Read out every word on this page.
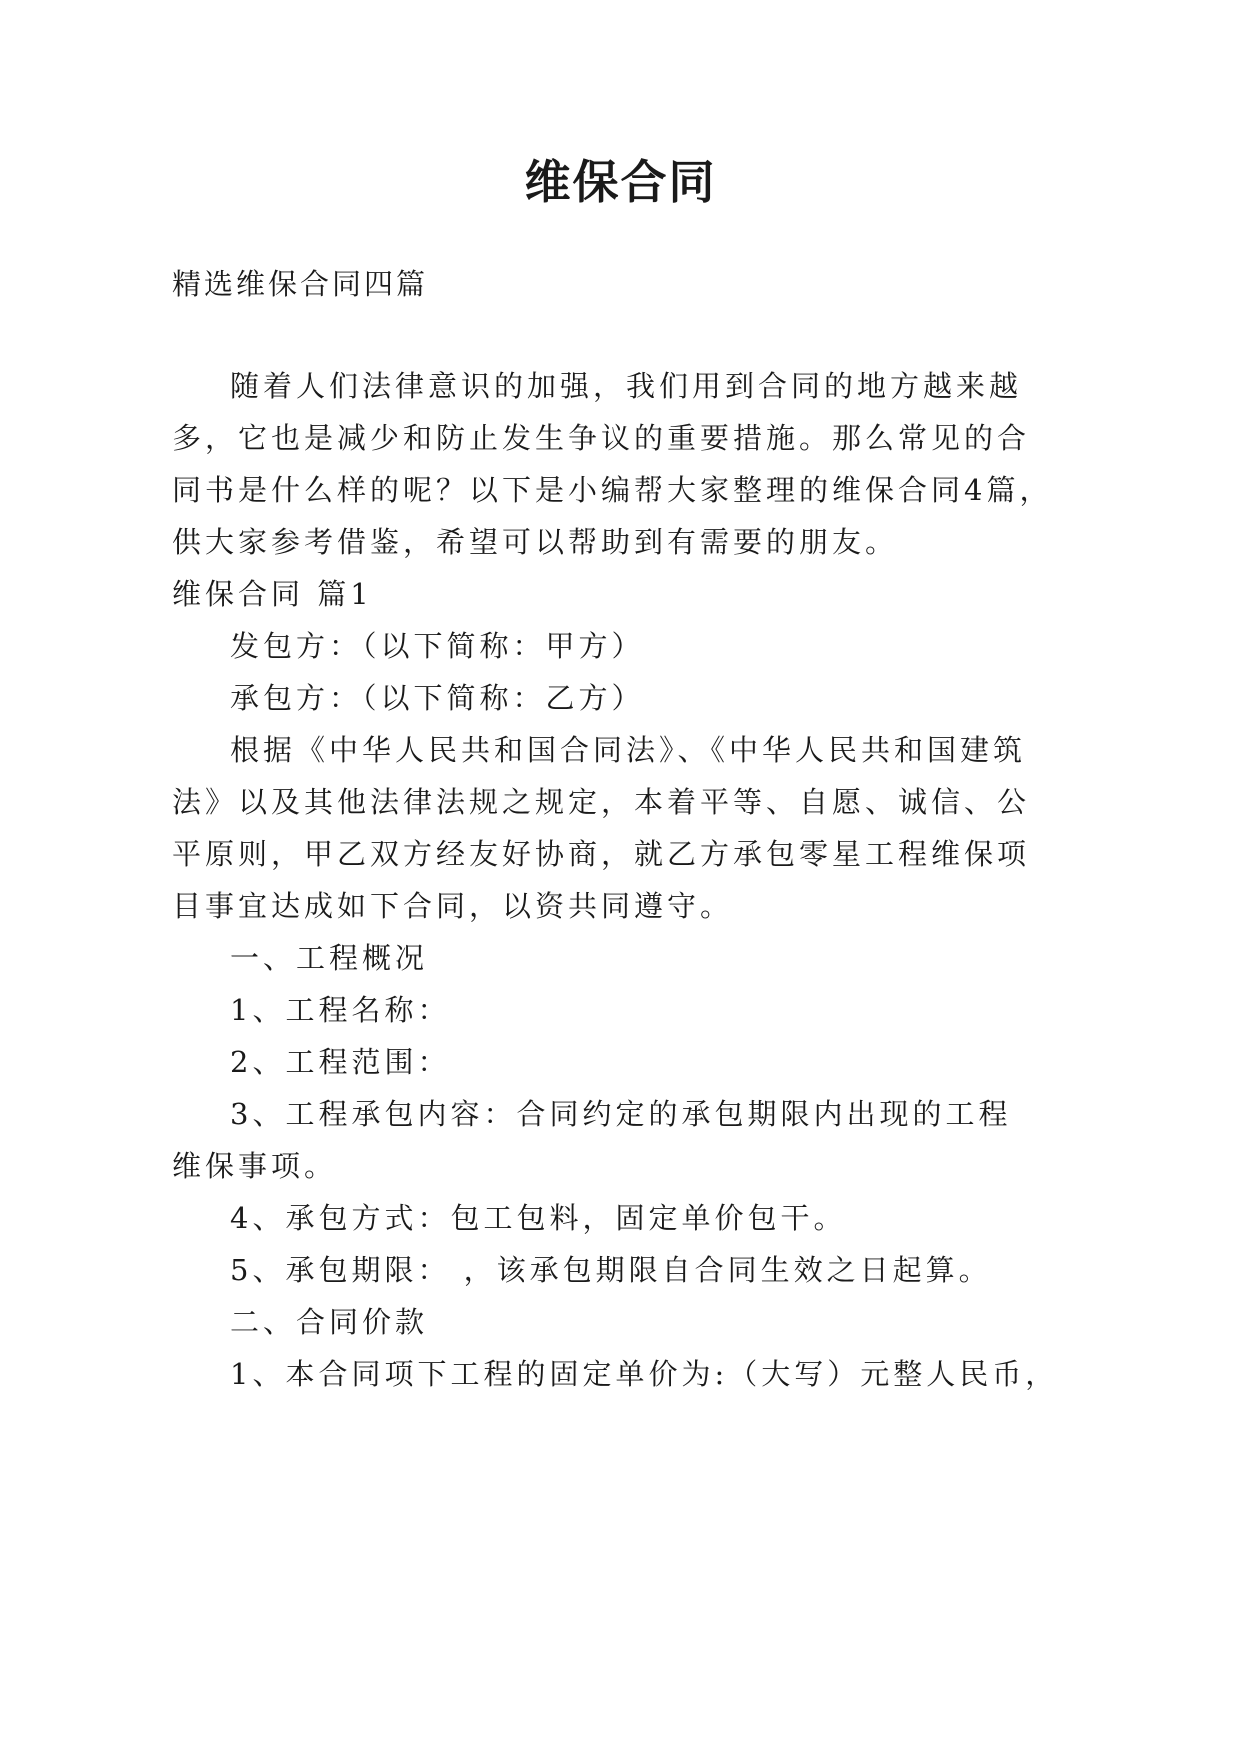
维保合同
精选维保合同四篇
随着人们法律意识的加强，我们用到合同的地方越来越
多，它也是减少和防止发生争议的重要措施。那么常见的合
同书是什么样的呢？以下是小编帮大家整理的维保合同4篇，
供大家参考借鉴，希望可以帮助到有需要的朋友。
维保合同 篇1
发包方：（以下简称：甲方）
承包方：（以下简称：乙方）
根据《中华人民共和国合同法》、《中华人民共和国建筑
法》以及其他法律法规之规定，本着平等、自愿、诚信、公
平原则，甲乙双方经友好协商，就乙方承包零星工程维保项
目事宜达成如下合同，以资共同遵守。
一、工程概况
1、工程名称：
2、工程范围：
3、工程承包内容：合同约定的承包期限内出现的工程
维保事项。
4、承包方式：包工包料，固定单价包干。
5、承包期限： ，该承包期限自合同生效之日起算。
二、合同价款
1、本合同项下工程的固定单价为:（大写）元整人民币，
